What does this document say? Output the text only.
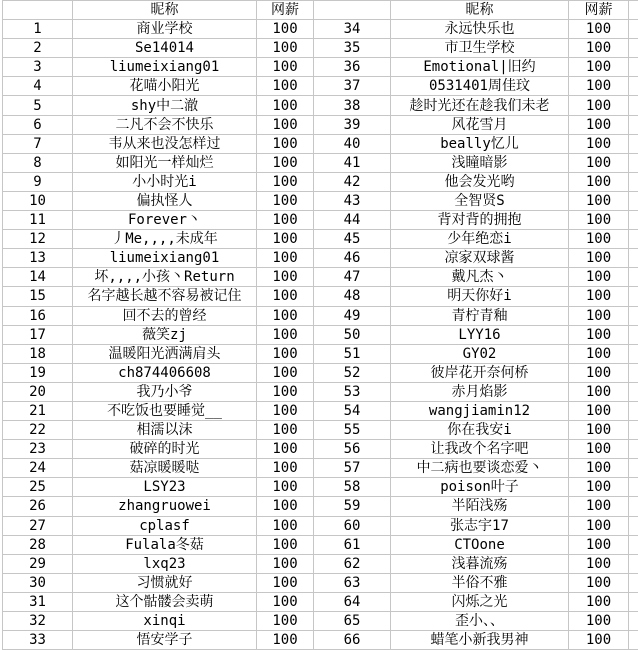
	昵称	网薪		昵称	网薪	
1	商业学校	100	34	永远快乐也	100	
2	Se14014	100	35	市卫生学校	100	
3	liumeixiang01	100	36	Emotional|旧约	100	
4	花喵小阳光	100	37	0531401周佳玟	100	
5	shy中二澈	100	38	趁时光还在趁我们未老	100	
6	二凡不会不快乐	100	39	风花雪月	100	
7	韦从来也没怎样过	100	40	beally忆儿	100	
8	如阳光一样灿烂	100	41	浅瞳暗影	100	
9	小小时光i	100	42	他会发光哟	100	
10	偏执怪人	100	43	全智贤S	100	
11	Forever丶	100	44	背对背的拥抱	100	
12	丿Me,,,,未成年	100	45	少年绝恋i	100	
13	liumeixiang01	100	46	凉家双球酱	100	
14	坏,,,,小孩丶Return	100	47	戴凡杰丶	100	
15	名字越长越不容易被记住	100	48	明天你好i	100	
16	回不去的曾经	100	49	青柠青釉	100	
17	薇笑zj	100	50	LYY16	100	
18	温暖阳光洒满肩头	100	51	GY02	100	
19	ch874406608	100	52	彼岸花开奈何桥	100	
20	我乃小爷	100	53	赤月焰影	100	
21	不吃饭也要睡觉__	100	54	wangjiamin12	100	
22	相濡以沫	100	55	你在我安i	100	
23	破碎的时光	100	56	让我改个名字吧	100	
24	菇凉暖暖哒	100	57	中二病也要谈恋爱丶	100	
25	LSY23	100	58	poison叶子	100	
26	zhangruowei	100	59	半陌浅殇	100	
27	cplasf	100	60	张志宇17	100	
28	Fulala冬菇	100	61	CTOone	100	
29	lxq23	100	62	浅暮流殇	100	
30	习惯就好	100	63	半俗不雅	100	
31	这个骷髅会卖萌	100	64	闪烁之光	100	
32	xinqi	100	65	歪小、、	100	
33	悟安学子	100	66	蜡笔小新我男神	100	
